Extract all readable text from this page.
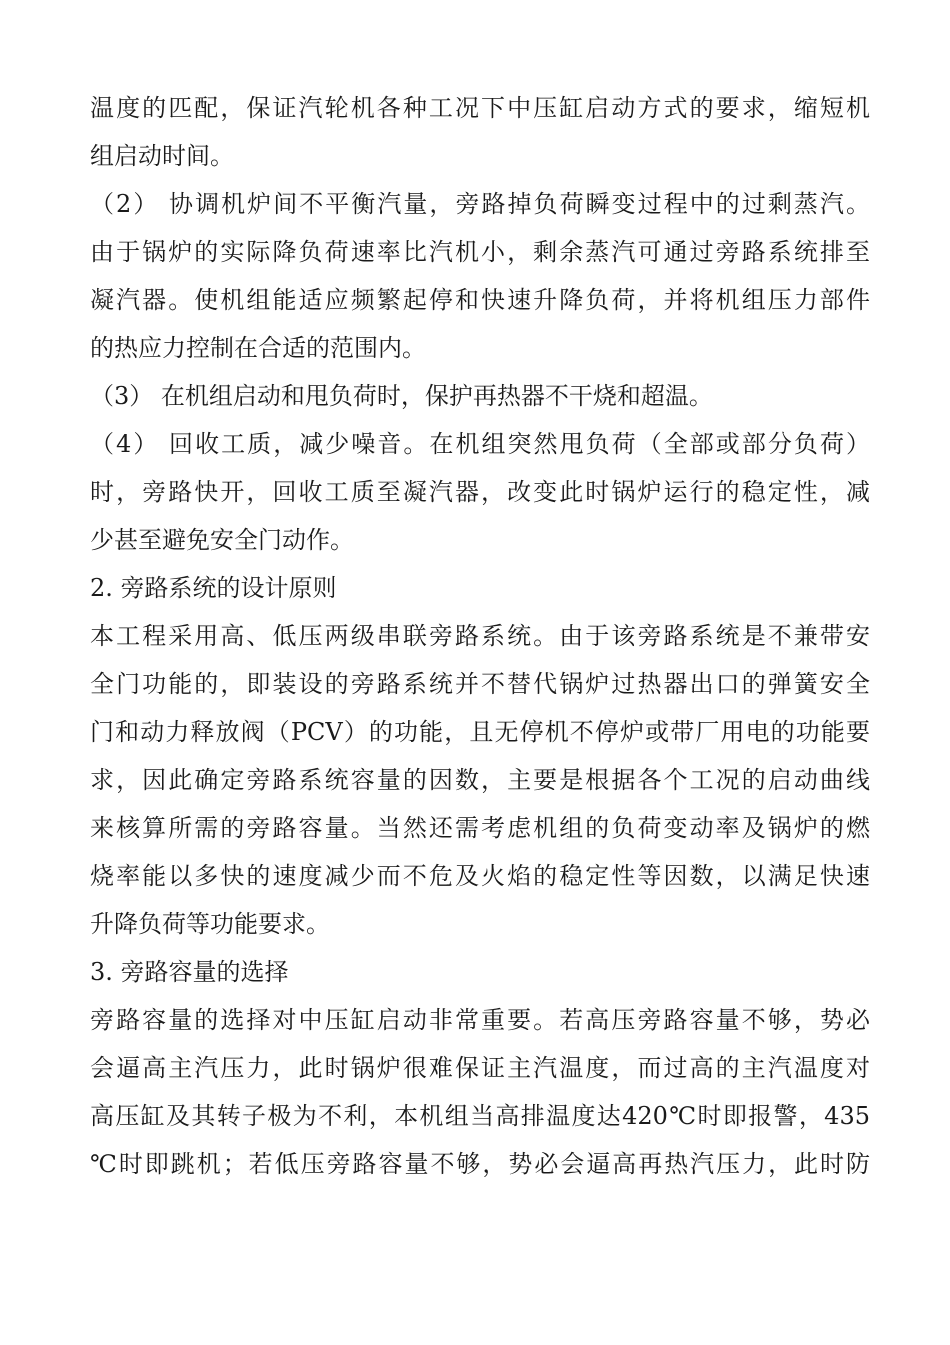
温度的匹配，保证汽轮机各种工况下中压缸启动方式的要求，缩短机
组启动时间。
（2） 协调机炉间不平衡汽量，旁路掉负荷瞬变过程中的过剩蒸汽。
由于锅炉的实际降负荷速率比汽机小，剩余蒸汽可通过旁路系统排至
凝汽器。使机组能适应频繁起停和快速升降负荷，并将机组压力部件
的热应力控制在合适的范围内。
（3） 在机组启动和甩负荷时，保护再热器不干烧和超温。
（4） 回收工质，减少噪音。在机组突然甩负荷（全部或部分负荷）
时，旁路快开，回收工质至凝汽器，改变此时锅炉运行的稳定性，减
少甚至避免安全门动作。
2. 旁路系统的设计原则
本工程采用高、低压两级串联旁路系统。由于该旁路系统是不兼带安
全门功能的，即装设的旁路系统并不替代锅炉过热器出口的弹簧安全
门和动力释放阀（PCV）的功能，且无停机不停炉或带厂用电的功能要
求，因此确定旁路系统容量的因数，主要是根据各个工况的启动曲线
来核算所需的旁路容量。当然还需考虑机组的负荷变动率及锅炉的燃
烧率能以多快的速度减少而不危及火焰的稳定性等因数，以满足快速
升降负荷等功能要求。
3. 旁路容量的选择
旁路容量的选择对中压缸启动非常重要。若高压旁路容量不够，势必
会逼高主汽压力，此时锅炉很难保证主汽温度，而过高的主汽温度对
高压缸及其转子极为不利，本机组当高排温度达420℃时即报警，435
℃时即跳机；若低压旁路容量不够，势必会逼高再热汽压力，此时防
